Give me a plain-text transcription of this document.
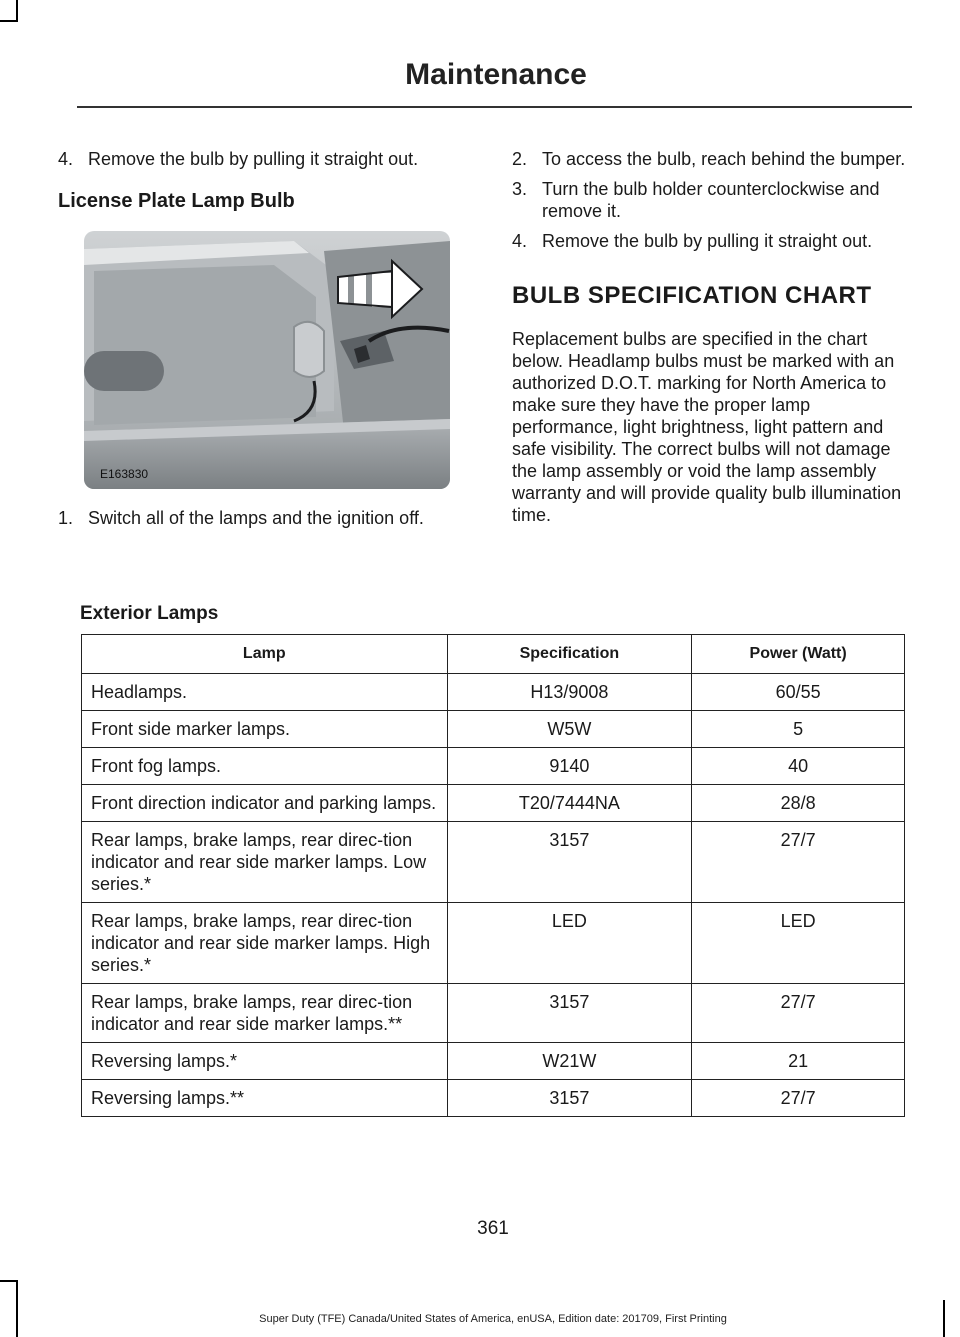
Maintenance
4. Remove the bulb by pulling it straight out.
License Plate Lamp Bulb
E163830
1. Switch all of the lamps and the ignition off.
2. To access the bulb, reach behind the bumper.
3. Turn the bulb holder counterclockwise and remove it.
4. Remove the bulb by pulling it straight out.
BULB SPECIFICATION CHART
Replacement bulbs are specified in the chart below. Headlamp bulbs must be marked with an authorized D.O.T. marking for North America to make sure they have the proper lamp performance, light brightness, light pattern and safe visibility. The correct bulbs will not damage the lamp assembly or void the lamp assembly warranty and will provide quality bulb illumination time.
Exterior Lamps
Lamp	Specification	Power (Watt)
Headlamps.	H13/9008	60/55
Front side marker lamps.	W5W	5
Front fog lamps.	9140	40
Front direction indicator and parking lamps.	T20/7444NA	28/8
Rear lamps, brake lamps, rear direc-tion indicator and rear side marker lamps. Low series.*	3157	27/7
Rear lamps, brake lamps, rear direc-tion indicator and rear side marker lamps. High series.*	LED	LED
Rear lamps, brake lamps, rear direc-tion indicator and rear side marker lamps.**	3157	27/7
Reversing lamps.*	W21W	21
Reversing lamps.**	3157	27/7
361
Super Duty (TFE) Canada/United States of America, enUSA, Edition date: 201709, First Printing
